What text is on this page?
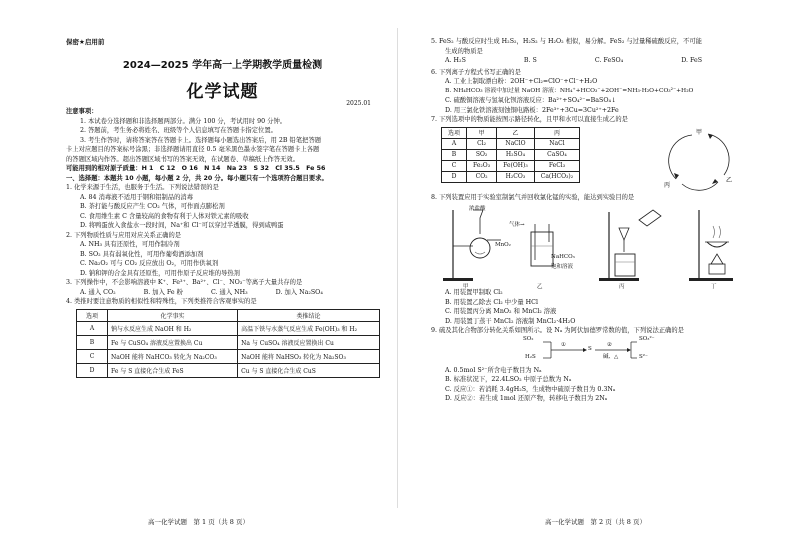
保密★启用前
2024—2025 学年高一上学期教学质量检测
化学试题
2025.01
注意事项：
1. 本试卷分选择题和非选择题两部分。满分 100 分，考试用时 90 分钟。
2. 答题前，考生务必将姓名、班级等个人信息填写在答题卡指定位置。
3. 考生作答时，请将答案答在答题卡上。选择题每小题选出答案后，用 2B 铅笔把答题
卡上对应题目的答案标号涂黑；非选择题请用直径 0.5 毫米黑色墨水签字笔在答题卡上各题
的答题区域内作答。超出答题区域书写的答案无效，在试题卷、草稿纸上作答无效。
可能用到的相对原子质量：H 1　C 12　O 16　N 14　Na 23　S 32　Cl 35.5　Fe 56
一、选择题：本题共 10 小题，每小题 2 分，共 20 分。每小题只有一个选项符合题目要求。
1. 化学来源于生活，也服务于生活。下列说法错误的是
A. 84 消毒液不适用于钢和铝制品的消毒
B. 茶打能与酸反应产生 CO₂ 气体，可作面点膨松剂
C. 食用维生素 C 含量较高的食物有利于人体对铁元素的吸收
D. 将鸭蛋放入食盐水一段时间，Na⁺和 Cl⁻可以穿过半透膜，得到咸鸭蛋
2. 下列物质性质与应用对应关系正确的是
A. NH₃ 具有还原性，可用作制冷剂
B. SO₂ 具有弱氧化性，可用作葡萄酒添加剂
C. Na₂O₂ 可与 CO₂ 反应放出 O₂，可用作供氧剂
D. 钠和钾的合金具有还原性，可用作原子反应堆的导热剂
3. 下列操作中，不会影响溶液中 K⁺、Fe³⁺、Ba²⁺、Cl⁻、NO₃⁻等离子大量共存的是
A. 通入 CO₂	B. 加入 Fe 粉	C. 通入 NH₃	D. 加入 Na₂SO₄
4. 类推时要注意物质的相似性和特殊性，下列类推符合客观事实的是
选项	化学事实	类推结论
A	钠与水反应生成 NaOH 和 H₂	高温下铁与水蒸气反应生成 Fe(OH)₃ 和 H₂
B	Fe 与 CuSO₄ 溶液反应置换出 Cu	Na 与 CuSO₄ 溶液反应置换出 Cu
C	NaOH 能将 NaHCO₃ 转化为 Na₂CO₃	NaOH 能将 NaHSO₃ 转化为 Na₂SO₃
D	Fe 与 S 直接化合生成 FeS	Cu 与 S 直接化合生成 CuS
高一化学试题　第 1 页（共 8 页）
5. FeS₂ 与酸反应时生成 H₂S₂，H₂S₂ 与 H₂O₂ 相似，易分解。FeS₂ 与过量稀硫酸反应，不可能
生成的物质是
A. H₂S	B. S	C. FeSO₄	D. FeS
6. 下列离子方程式书写正确的是
A. 工业上制取漂白粉：2OH⁻+Cl₂=ClO⁻+Cl⁻+H₂O
B. NH₄HCO₃ 溶液中加过量 NaOH 溶液：NH₄⁺+HCO₃⁻+2OH⁻=NH₃·H₂O+CO₃²⁻+H₂O
C. 硫酸铜溶液与氢氧化钡溶液反应：Ba²⁺+SO₄²⁻=BaSO₄↓
D. 用三氯化铁溶液刻蚀铜电路板：2Fe³⁺+3Cu=3Cu²⁺+2Fe
7. 下列选项中的物质能按图示路径转化，且甲和水可以直接生成乙的是
选项	甲	乙	丙
A	Cl₂	NaClO	NaCl
B	SO₂	H₂SO₄	CaSO₄
C	Fe₂O₃	Fe(OH)₃	FeCl₃
D	CO₂	H₂CO₃	Ca(HCO₃)₂
甲
丙
乙
8. 下列装置应用于实验室制氯气并回收氯化锰的实验，能达到实验目的是
浓盐酸
MnO₂
气体→
NaHCO₃
饱和溶液
甲	乙	丙	丁
A. 用装置甲制取 Cl₂
B. 用装置乙除去 Cl₂ 中少量 HCl
C. 用装置丙分离 MnO₂ 和 MnCl₂ 溶液
D. 用装置丁蒸干 MnCl₂ 溶液制 MnCl₂·4H₂O
9. 硫及其化合物部分转化关系如图所示。设 Nₐ 为阿伏加德罗常数的值，下列说法正确的是
SO₂
H₂S
①
S
②
碱、△
SO₃²⁻
S²⁻
A. 0.5mol S²⁻所含电子数目为 Nₐ
B. 标准状况下，22.4LSO₂ 中原子总数为 Nₐ
C. 反应①：若消耗 3.4gH₂S，生成物中硫原子数目为 0.3Nₐ
D. 反应②：若生成 1mol 还原产物，转移电子数目为 2Nₐ
高一化学试题　第 2 页（共 8 页）
